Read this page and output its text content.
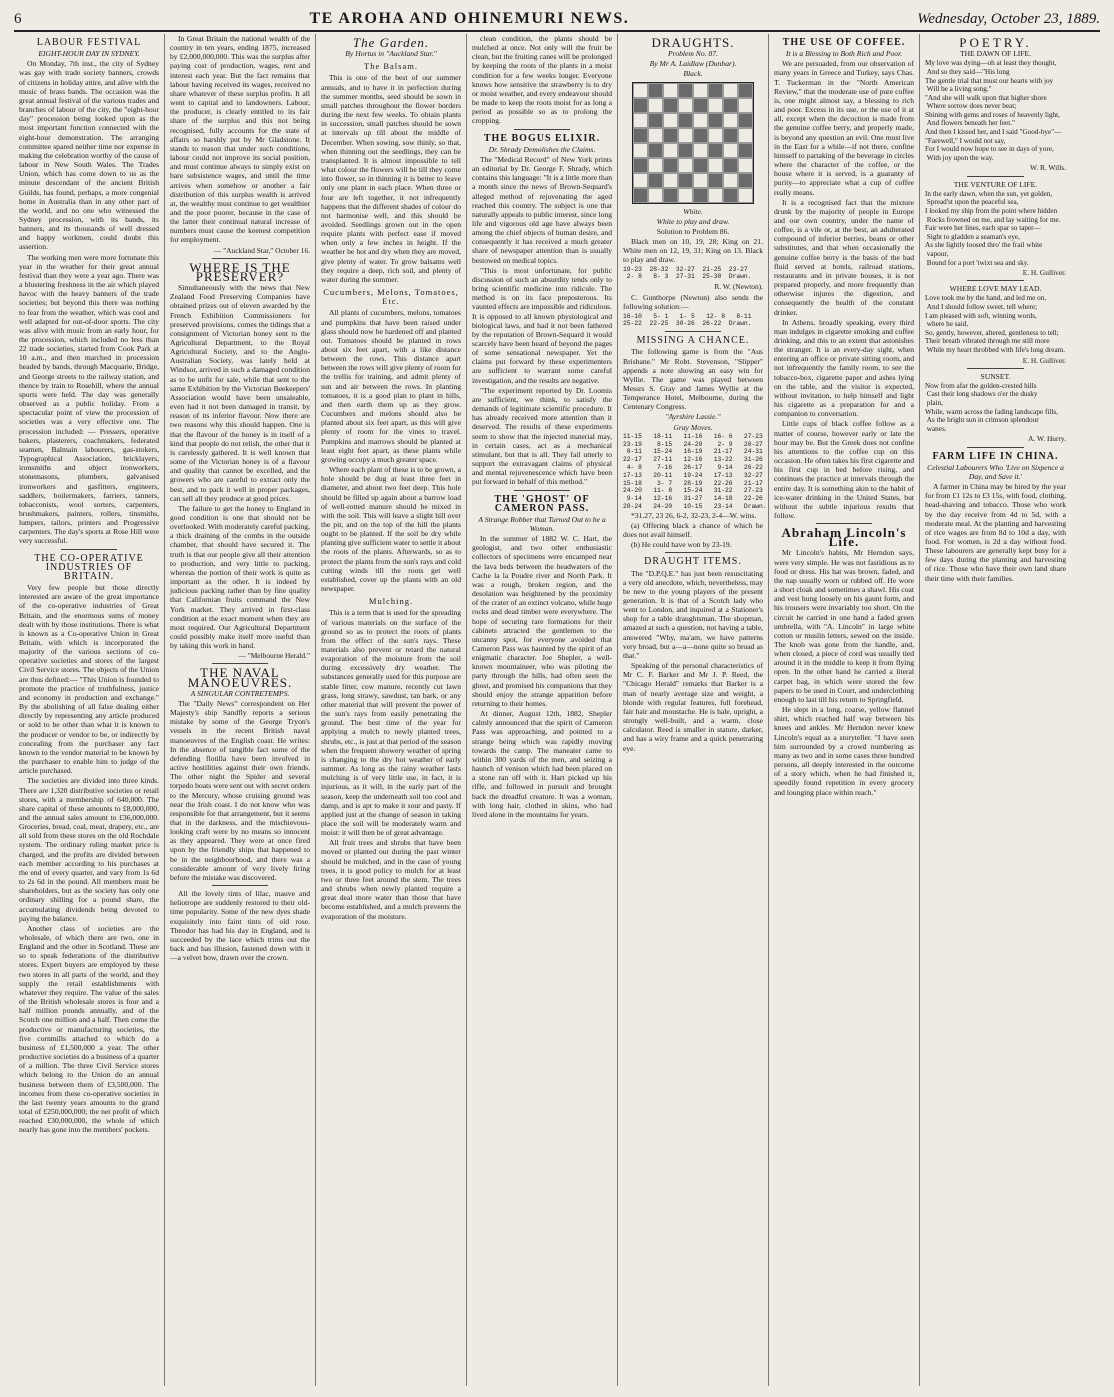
6	TE AROHA AND OHINEMURI NEWS.	Wednesday, October 23, 1889.
LABOUR FESTIVAL
EIGHT-HOUR DAY IN SYDNEY.

On Monday, 7th inst., the city of Sydney was gay with trade society banners, crowds of citizens in holiday attire, and alive with the music of brass bands. The occasion was the great annual festival of the various trades and branches of labour of the city, the "eight-hour day" procession being looked upon as the most important function connected with the eight-hour demonstration. The arranging committee spared neither time nor expense in making the celebration worthy of the cause of labour in New South Wales. The Trades Union, which has come down to us as the minute descendant of the ancient British Guilds, has found, perhaps, a more congenial home in Australia than in any other part of the world, and no one who witnessed the Sydney procession, with its bands, its banners, and its thousands of well dressed and happy workmen, could doubt this assertion.

The working men were more fortunate this year in the weather for their great annual festival than they were a year ago. There was a blustering freshness in the air which played havoc with the heavy banners of the trade societies; but beyond this there was nothing to fear from the weather, which was cool and well adapted for out-of-door sports. The city was alive with music from an early hour, for the procession, which included no less than 22 trade societies, started from Cook Park at 10 a.m., and then marched in procession headed by bands, through Macquarie, Bridge, and George streets to the railway station, and thence by train to Rosehill, where the annual sports were held. The day was generally observed as a public holiday. From a spectacular point of view the procession of societies was a very effective one. The procession included: — Pressers, operative bakers, plasterers, coachmakers, federated seamen, Balmain labourers, gas-stokers, Typographical Association, bricklayers, ironsmiths and object ironworkers, stonemasons, plumbers, galvanised ironworkers and gasfitters, engineers, saddlers, boilermakers, farriers, tanners, tobacconists, wool sorters, carpenters, brushmakers, painters, rollers, tinsmiths, lumpers, tailors, printers and Progressive carpenters. The day's sports at Rose Hill were very successful.

THE CO-OPERATIVE INDUSTRIES OF BRITAIN.

Very few people but those directly interested are aware of the great importance of the co-operative industries of Great Britain, and the enormous sums of money dealt with by those institutions. There is what is known as a Co-operative Union in Great Britain, with which is incorporated the majority of the various sections of co-operative societies and stores of the largest Civil Service stores. The objects of the Union are thus defined:— "This Union is founded to promote the practice of truthfulness, justice and economy in production and exchange." By the abolishing of all false dealing either directly by representing any article produced or sold to be other than what it is known to the producer or vendor to be, or indirectly by concealing from the purchaser any fact known to the vendor material to be known by the purchaser to enable him to judge of the article purchased.

The societies are divided into three kinds. There are 1,320 distributive societies or retail stores, with a membership of 640,000. The share capital of these amounts to £8,000,000, and the annual sales amount to £36,000,000. Groceries, bread, coal, meat, drapery, etc., are all sold from these stores on the old Rochdale system. The ordinary ruling market price is charged, and the profits are divided between each member according to his purchases at the end of every quarter, and vary from 1s 6d to 2s 6d in the pound. All members must be shareholders, but as the society has only one ordinary shilling for a pound share, the accumulating dividends being devoted to paying the balance.

Another class of societies are the wholesale, of which there are two, one in England and the other in Scotland. These are so to speak federations of the distributive stores. Expert buyers are employed by these two stores in all parts of the world, and they supply the retail establishments with whatever they require. The value of the sales of the British wholesale stores is four and a half million pounds annually, and of the Scotch one million and a half. Then come the productive or manufacturing societies, the five cornmills attached to which do a business of £1,500,000 a year. The other productive societies do a business of a quarter of a million. The three Civil Service stores which belong to the Union do an annual business between them of £3,500,000. The incomes from these co-operative societies in the last twenty years amounts to the grand total of £250,000,000; the net profit of which reached £30,000,000, the whole of which nearly has gone into the members' pockets.

In Great Britain the national wealth of the country in ten years, ending 1875, increased by £2,000,000,000. This was the surplus after paying cost of production, wages, rent and interest each year. But the fact remains that labour having received its wages, received no share whatever of these surplus profits. It all went to capital and to landowners. Labour, the producer, is clearly entitled to its fair share of the surplus and this not being recognised, fully accounts for the state of affairs so harshly put by Mr Gladstone. It stands to reason that under such conditions, labour could not improve its social position, and must continue always to simply exist on bare subsistence wages, and until the time arrives when somehow or another a fair distribution of this surplus wealth is arrived at, the wealthy must continue to get wealthier and the poor poorer, because in the case of the latter their continual natural increase of numbers must cause the keenest competition for employment.

— "Auckland Star," October 16.
WHERE IS THE PRESERVER?

Simultaneously with the news that New Zealand Food Preserving Companies have obtained prizes out of eleven awarded by the French Exhibition Commissioners for preserved provisions, comes the tidings that a consignment of Victorian honey sent to the Agricultural Department, to the Royal Agricultural Society, and to the Anglo-Australian Society, was lately held at Windsor, arrived in such a damaged condition as to be unfit for sale, while that sent to the same Exhibition by the Victorian Beekeepers' Association would have been unsaleable, even had it not been damaged in transit, by reason of its inferior flavour. Now there are two reasons why this should happen. One is that the flavour of the honey is in itself of a kind that people do not relish, the other that it is carelessly gathered. It is well known that some of the Victorian honey is of a flavour and quality that cannot be excelled, and the growers who are careful to extract only the best, and to pack it well in proper packages, can sell all they produce at good prices.

The failure to get the honey to England in good condition is one that should not be overlooked. With moderately careful packing, a thick draining of the combs in the outside chamber, that should have secured it. The truth is that our people give all their attention to production, and very little to packing, whereas the portion of their work is quite as important as the other. It is indeed by judicious packing rather than by fine quality that Californian fruits command the New York market. They arrived in first-class condition at the exact moment when they are most required. Our Agricultural Department could possibly make itself more useful than by taking this work in hand.

— "Melbourne Herald."
THE NAVAL MANOEUVRES.
A SINGULAR CONTRETEMPS.

The "Daily News" correspondent on Her Majesty's ship Sandfly reports a serious mistake by some of the George Tryon's vessels in the recent British naval manoeuvres of the English coast. He writes: In the absence of tangible fact some of the defending flotilla have been involved in active hostilities against their own friends. The other night the Spider and several torpedo boats were sent out with secret orders to the Mercury, whose cruising ground was near the Irish coast. I do not know who was responsible for that arrangement, but it seems that in the darkness, and the mischievous-looking craft were by no means so innocent as they appeared. They were at once fired upon by the friendly ships that happened to be in the neighbourhood, and there was a considerable amount of very lively firing before the mistake was discovered.

All the lovely tints of lilac, mauve and heliotrope are suddenly restored to their old-time popularity. Some of the new dyes shade exquisitely into faint tints of old rose. Theodor has had his day in England, and is succeeded by the lace which trims out the back and has illusion, fastened down with it—a velvet bow, drawn over the crown.

The Garden.
By Hortus in "Auckland Star."
The Balsam.

This is one of the best of our summer annuals, and to have it in perfection during the summer months, seed should be sown in small patches throughout the flower borders during the next few weeks. To obtain plants in succession, small patches should be sown at intervals up till about the middle of December. When sowing, sow thinly, so that, when thinning out the seedlings, they can be transplanted. It is almost impossible to tell what colour the flowers will be till they come into flower, so in thinning it is better to leave only one plant in each place. When three or four are left together, it not infrequently happens that the different shades of colour do not harmonise well, and this should be avoided. Seedlings grown out in the open require plants with perfect ease if moved when only a few inches in height. If the weather be hot and dry when they are moved, give plenty of water. To grow balsams well they require a deep, rich soil, and plenty of water during the summer.

Cucumbers, Melons, Tomatoes, Etc.

All plants of cucumbers, melons, tomatoes and pumpkins that have been raised under glass should now be hardened off and planted out. Tomatoes should be planted in rows about six feet apart, with a like distance between the rows. This distance apart between the rows will give plenty of room for the trellis for training, and admit plenty of sun and air between the rows. In planting tomatoes, it is a good plan to plant in hills, and then earth them up as they grow. Cucumbers and melons should also be planted about six feet apart, as this will give plenty of room for the vines to travel. Pumpkins and marrows should be planted at least eight feet apart, as these plants while growing occupy a much greater space.

Where each plant of these is to be grown, a hole should be dug at least three feet in diameter, and about two feet deep. This hole should be filled up again about a barrow load of well-rotted manure should be mixed in with the soil. This will leave a slight hill over the pit, and on the top of the hill the plants ought to be planted. If the soil be dry while planting give sufficient water to settle it about the roots of the plants. Afterwards, so as to protect the plants from the sun's rays and cold cutting winds till the roots get well established, cover up the plants with an old newspaper.

Mulching.

This is a term that is used for the spreading of various materials on the surface of the ground so as to protect the roots of plants from the effect of the sun's rays. These materials also prevent or retard the natural evaporation of the moisture from the soil during excessively dry weather. The substances generally used for this purpose are stable litter, cow manure, recently cut lawn grass, long strawy, sawdust, tan bark, or any other material that will prevent the power of the sun's rays from easily penetrating the ground. The best time of the year for applying a mulch to newly planted trees, shrubs, etc., is just at that period of the season when the frequent showery weather of spring is changing to the dry hot weather of early summer. As long as the rainy weather lasts mulching is of very little use, in fact, it is injurious, as it will, in the early part of the season, keep the underneath soil too cool and damp, and is apt to make it sour and pasty. If applied just at the change of season in taking place the soil will be moderately warm and moist: it will then be of great advantage.

All fruit trees and shrubs that have been moved or planted out during the past winter should be mulched, and in the case of young trees, it is good policy to mulch for at least two or three feet around the stem. The trees and shrubs when newly planted require a great deal more water than those that have become established, and a mulch prevents the evaporation of the moisture.

clean condition, the plants should be mulched at once. Not only will the fruit be clean, but the fruiting canes will be prolonged by keeping the roots of the plants in a moist condition for a few weeks longer. Everyone knows how sensitive the strawberry is to dry or moist weather, and every endeavour should be made to keep the roots moist for as long a period as possible so as to prolong the cropping.

THE BOGUS ELIXIR.
Dr. Shrady Demolishes the Claims.

The "Medical Record" of New York prints an editorial by Dr. George F. Shrady, which contains this language: "It is a little more than a month since the news of Brown-Sequard's alleged method of rejuvenating the aged reached this country. The subject is one that naturally appeals to public interest, since long life and vigorous old age have always been among the chief objects of human desire, and consequently it has received a much greater share of newspaper attention than is usually bestowed on medical topics.

"This is most unfortunate, for public discussion of such an absurdity tends only to bring scientific medicine into ridicule. The method is on its face preposterous. Its vaunted effects are impossible and ridiculous. It is opposed to all known physiological and biological laws, and had it not been fathered by the reputation of Brown-Sequard it would scarcely have been heard of beyond the pages of some sensational newspaper. Yet the claims put forward by these experimenters are sufficient to warrant some careful investigation, and the results are negative.

"The experiment reported by Dr. Loomis are sufficient, we think, to satisfy the demands of legitimate scientific procedure. It has already received more attention than it deserved. The results of these experiments seem to show that the injected material may, in certain cases, act as a mechanical stimulant, but that is all. They fail utterly to support the extravagant claims of physical and mental rejuvenescence which have been put forward in behalf of this method."

THE 'GHOST' OF CAMERON PASS.
A Strange Robber that Turned Out to be a Woman.

In the summer of 1882 W. C. Hart, the geologist, and two other enthusiastic collectors of specimens were encamped near the lava beds between the headwaters of the Cache la la Poudre river and North Park. It was a rough, broken region, and the desolation was heightened by the proximity of the crater of an extinct volcano, while huge rocks and dead timber were everywhere. The hope of securing rare formations for their cabinets attracted the gentlemen to the uncanny spot, for everyone avoided that Cameron Pass was haunted by the spirit of an enigmatic character. Joe Shepler, a well-known mountaineer, who was piloting the party through the hills, had often seen the ghost, and promised his companions that they should enjoy the strange apparition before returning to their homes.

At dinner, August 12th, 1882, Shepler calmly announced that the spirit of Cameron Pass was approaching, and pointed to a strange being which was rapidly moving towards the camp. The maneater came to within 300 yards of the men, and seizing a haunch of venison which had been placed on a stone ran off with it. Hart picked up his rifle, and followed in pursuit and brought back the dreadful creature. It was a woman, with long hair, clothed in skins, who had lived alone in the mountains for years.

DRAUGHTS.
Problem No. 87.
By Mr A. Laidlaw (Dunbar).
Black.
White.
White to play and draw.
Solution to Problem 86.

Black men on 10, 19, 28; King on 21. White men on 12, 19, 31; King on 13. Black to play and draw.

19-23  28-32  32-27  21-25  23-27
2- 8   8- 3  27-31  25-30  Drawn.
R. W. (Newton).

C. Gunthorpe (Newton) also sends the following solution:—

16-10   5- 1   1- 5   12- 8   8-11
25-22  22-25  30-26  26-22  Drawn.
MISSING A CHANCE.

The following game is from the "Aus Brisbane." Mr Robt. Stevenson, "Slipper" appends a note showing an easy win for Wyllie. The game was played between Messrs S. Gray and James Wyllie at the Temperance Hotel, Melbourne, during the Centenary Congress.

"Ayrshire Lassie."
Gray Moves.
11-15   18-11   11-16   16- 6   27-23
23-19    8-15   24-20    2- 9   20-27
8-11   15-24   16-19   21-17   24-31
22-17   27-11   12-16   13-22   31-26
4- 8    7-16   26-17    9-14   26-22
17-13   20-11   19-24   17-13   32-27
15-18    3- 7   28-19   22-26   21-17
24-20   11- 8   15-24   31-22   27-23
9-14   12-16   31-27   14-18   22-26
28-24   24-20   10-15   23-14   Drawn.

*31.27, 23 26, 6-2, 32-23, 2-4—W. wins.

(a) Offering black a chance of which he does not avail himself.

(b) He could have won by 23-19.

DRAUGHT ITEMS.

The "D.P.Q.E." has just been resuscitating a very old anecdote, which, nevertheless, may be new to the young players of the present generation. It is that of a Scotch lady who went to London, and inquired at a Stationer's shop for a table draughtsman. The shopman, amazed at such a question, not having a table, answered "Why, ma'am, we have patterns very broad, but a—a—none quite so broad as that."

Speaking of the personal characteristics of Mr C. F. Barker and Mr J. P. Reed, the "Chicago Herald" remarks that Barker is a man of nearly average size and weight, a blonde with regular features, full forehead, fair hair and moustache. He is hale, upright, a strongly well-built, and a warm, close calculator. Reed is smaller in stature, darker, and has a wiry frame and a quick penetrating eye.

THE USE OF COFFEE.
It is a Blessing to Both Rich and Poor.

We are persuaded, from our observation of many years in Greece and Turkey, says Chas. T. Tuckerman in the "North American Review," that the moderate use of pure coffee is, one might almost say, a blessing to rich and poor. Excess in its use, or the use of it at all, except when the decoction is made from the genuine coffee berry, and properly made, is beyond any question an evil. One must live in the East for a while—if not there, confine himself to partaking of the beverage in circles where the character of the coffee, or the house where it is served, is a guaranty of purity—to appreciate what a cup of coffee really means.

It is a recognised fact that the mixture drunk by the majority of people in Europe and our own country, under the name of coffee, is a vile or, at the best, an adulterated compound of inferior berries, beans or other substitutes, and that when occasionally the genuine coffee berry is the basis of the bad fluid served at hotels, railroad stations, restaurants and in private houses, it is not prepared properly, and more frequently than otherwise injures the digestion, and consequently the health of the constant drinker.

In Athens, broadly speaking, every third man indulges in cigarette smoking and coffee drinking, and this to an extent that astonishes the stranger. It is an every-day sight, when entering an office or private sitting room, and not infrequently the family room, to see the tobacco-box, cigarette paper and ashes lying on the table, and the visitor is expected, without invitation, to help himself and light his cigarette as a preparation for and a companion to conversation.

Little cups of black coffee follow as a matter of course, however early or late the hour may be. But the Greek does not confine his attentions to the coffee cup on this occasion. He often takes his first cigarette and his first cup in bed before rising, and continues the practice at intervals through the entire day. It is something akin to the habit of ice-water drinking in the United States, but without the subtle injurious results that follow.

Abraham Lincoln's Life.

Mr Lincoln's habits, Mr Herndon says, were very simple. He was not fastidious as to food or dress. His hat was brown, faded, and the nap usually worn or rubbed off. He wore a short cloak and sometimes a shawl. His coat and vest hung loosely on his gaunt form, and his trousers were invariably too short. On the circuit he carried in one hand a faded green umbrella, with "A. Lincoln" in large white cotton or muslin letters, sewed on the inside. The knob was gone from the handle, and, when closed, a piece of cord was usually tied around it in the middle to keep it from flying open. In the other hand he carried a literal carpet bag, in which were stored the few papers to be used in Court, and underclothing enough to last till his return to Springfield.

He slept in a long, coarse, yellow flannel shirt, which reached half way between his knees and ankles. Mr Herndon never knew Lincoln's equal as a storyteller. "I have seen him surrounded by a crowd numbering as many as two and in some cases three hundred persons, all deeply interested in the outcome of a story which, when he had finished it, speedily found repetition in every grocery and lounging place within reach."

POETRY.
THE DAWN OF LIFE.
My love was dying—oh at least they thought,
And so they said—"His long
The gentle trial that must our hearts with joy
Will be a living song."
"And she will walk upon that higher shore
Where sorrow does never beat;
Shining with gems and roses of heavenly light,
And flowers beneath her feet."
And then I kissed her, and I said "Good-bye"—
"Farewell," I would not say,
For I would now hope to see in days of yore,
With joy upon the way.
W. R. Wills.
THE VENTURE OF LIFE.
In the early dawn, when the sun, yet golden,
Spread'st upon the peaceful sea,
I looked my ship from the point where hidden
Rocks frowned on me, and lay waiting for me.
Fair were her lines, each spar so taper—
Sight to gladden a seaman's eye,
As she lightly loosed thro' the frail white
vapour,
Bound for a port 'twixt sea and sky.
E. H. Gulliver.
WHERE LOVE MAY LEAD.
Love took me by the hand, and led me on,
And I should follow sweet, tell where;
I am pleased with soft, winning words,
where he said,
So, gently, however, altered, gentleness to tell;
Their breath vibrated through me still more
While my heart throbbed with life's long dream.
E. H. Gulliver.
SUNSET.
Now from afar the golden-crested hills
Cast their long shadows o'er the dusky
plain,
While, warm across the fading landscape fills,
As the bright sun in crimson splendour
wanes.
A. W. Hurry.
FARM LIFE IN CHINA.
Celestial Labourers Who 'Live on Sixpence a Day, and Save it.'

A farmer in China may be hired by the year for from £1 12s to £3 15s, with food, clothing, head-shaving and tobacco. Those who work by the day receive from 4d to 5d, with a moderate meal. At the planting and harvesting of rice wages are from 8d to 10d a day, with food. For women, is 2d a day without food. These labourers are generally kept busy for a few days during the planting and harvesting of rice. Those who have their own land share their time with their families.
